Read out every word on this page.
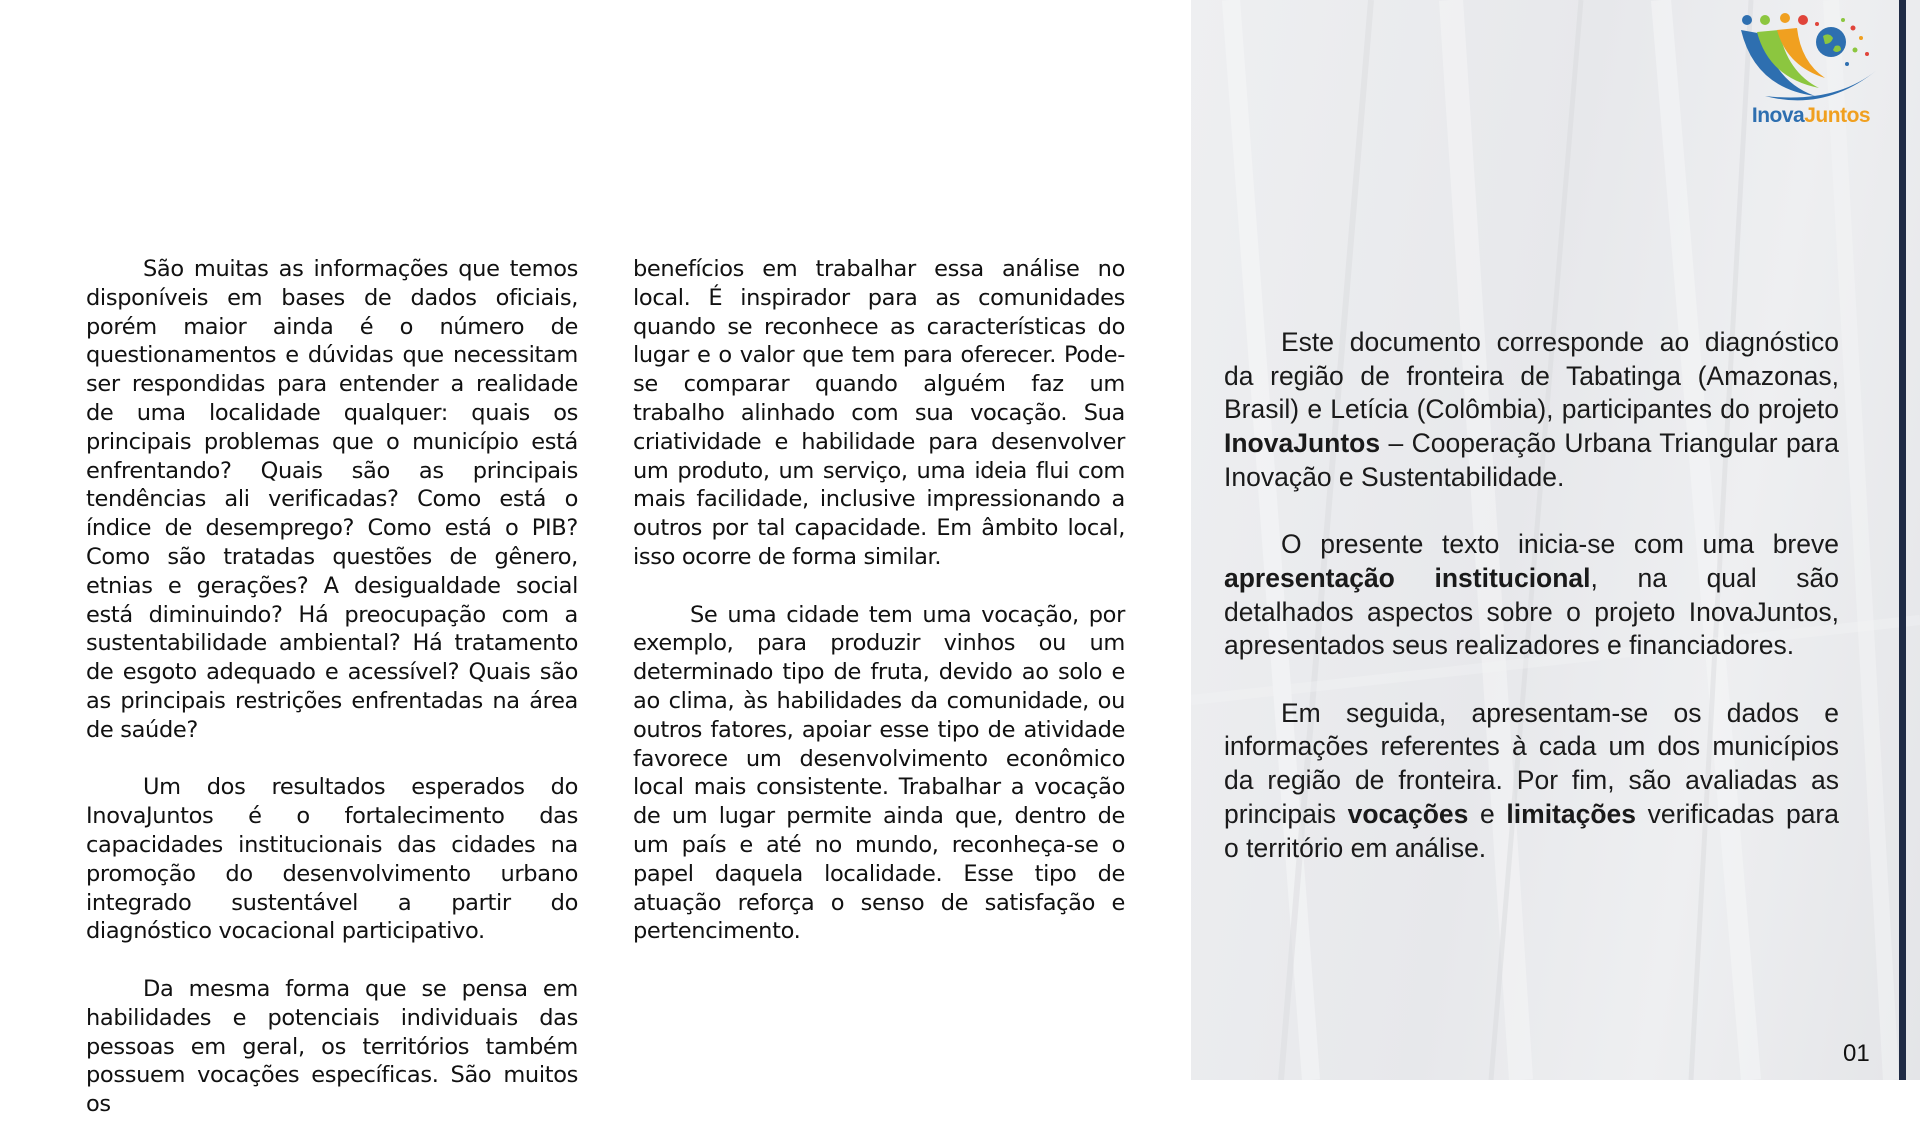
São muitas as informações que temos disponíveis em bases de dados oficiais, porém maior ainda é o número de questionamentos e dúvidas que necessitam ser respondidas para entender a realidade de uma localidade qualquer: quais os principais problemas que o município está enfrentando? Quais são as principais tendências ali verificadas? Como está o índice de desemprego? Como está o PIB? Como são tratadas questões de gênero, etnias e gerações? A desigualdade social está diminuindo? Há preocupação com a sustentabilidade ambiental? Há tratamento de esgoto adequado e acessível? Quais são as principais restrições enfrentadas na área de saúde?

Um dos resultados esperados do InovaJuntos é o fortalecimento das capacidades institucionais das cidades na promoção do desenvolvimento urbano integrado sustentável a partir do diagnóstico vocacional participativo.

Da mesma forma que se pensa em habilidades e potenciais individuais das pessoas em geral, os territórios também possuem vocações específicas. São muitos os

benefícios em trabalhar essa análise no local. É inspirador para as comunidades quando se reconhece as características do lugar e o valor que tem para oferecer. Pode-se comparar quando alguém faz um trabalho alinhado com sua vocação. Sua criatividade e habilidade para desenvolver um produto, um serviço, uma ideia flui com mais facilidade, inclusive impressionando a outros por tal capacidade. Em âmbito local, isso ocorre de forma similar.

Se uma cidade tem uma vocação, por exemplo, para produzir vinhos ou um determinado tipo de fruta, devido ao solo e ao clima, às habilidades da comunidade, ou outros fatores, apoiar esse tipo de atividade favorece um desenvolvimento econômico local mais consistente. Trabalhar a vocação de um lugar permite ainda que, dentro de um país e até no mundo, reconheça-se o papel daquela localidade. Esse tipo de atuação reforça o senso de satisfação e pertencimento.

Este documento corresponde ao diagnóstico da região de fronteira de Tabatinga (Amazonas, Brasil) e Letícia (Colômbia), participantes do projeto InovaJuntos – Cooperação Urbana Triangular para Inovação e Sustentabilidade.

O presente texto inicia-se com uma breve apresentação institucional, na qual são detalhados aspectos sobre o projeto InovaJuntos, apresentados seus realizadores e financiadores.

Em seguida, apresentam-se os dados e informações referentes à cada um dos municípios da região de fronteira. Por fim, são avaliadas as principais vocações e limitações verificadas para o território em análise.

InovaJuntos
01
